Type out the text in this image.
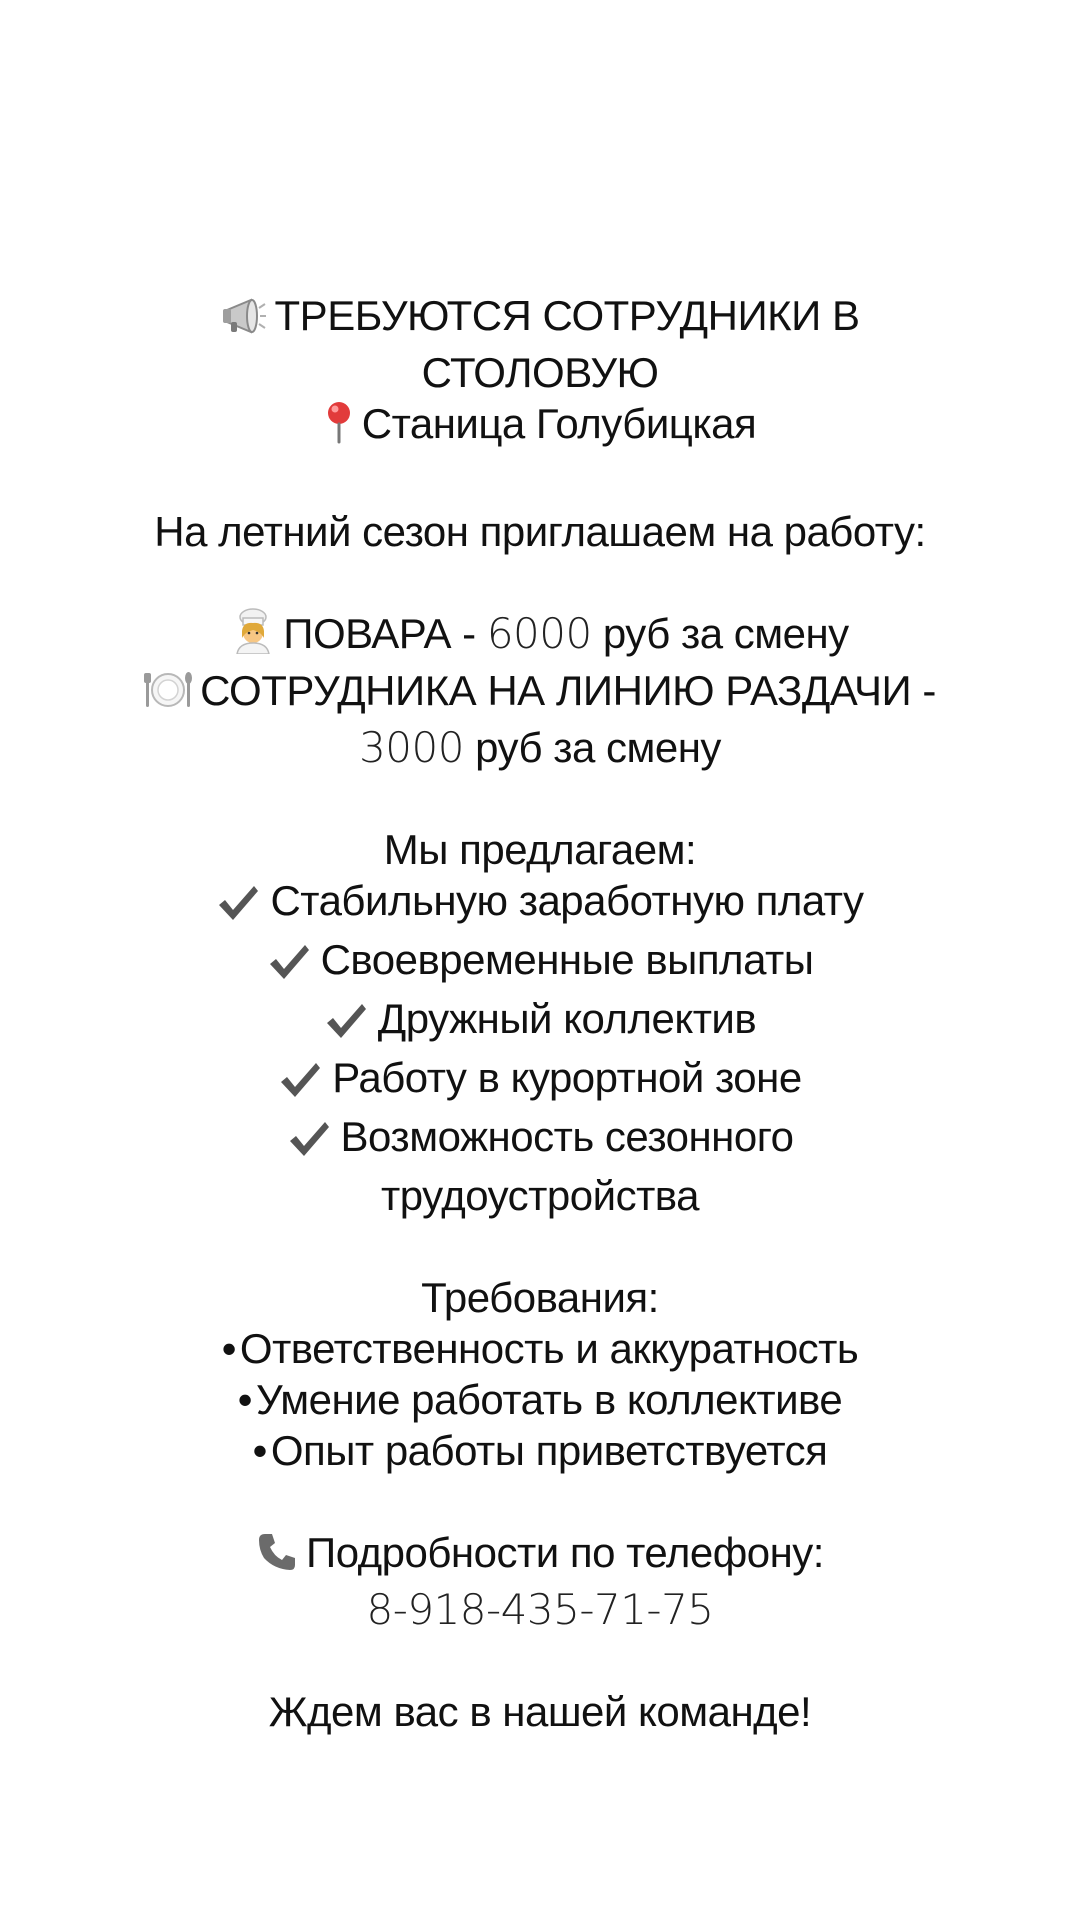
ТРЕБУЮТСЯ СОТРУДНИКИ В
СТОЛОВУЮ
Станица Голубицкая
На летний сезон приглашаем на работу:
ПОВАРА - 6000 руб за смену
СОТРУДНИКА НА ЛИНИЮ РАЗДАЧИ -
3000 руб за смену
Мы предлагаем:
Стабильную заработную плату
Своевременные выплаты
Дружный коллектив
Работу в курортной зоне
Возможность сезонного
трудоустройства
Требования:
•Ответственность и аккуратность
•Умение работать в коллективе
•Опыт работы приветствуется
Подробности по телефону:
8-918-435-71-75
Ждем вас в нашей команде!
